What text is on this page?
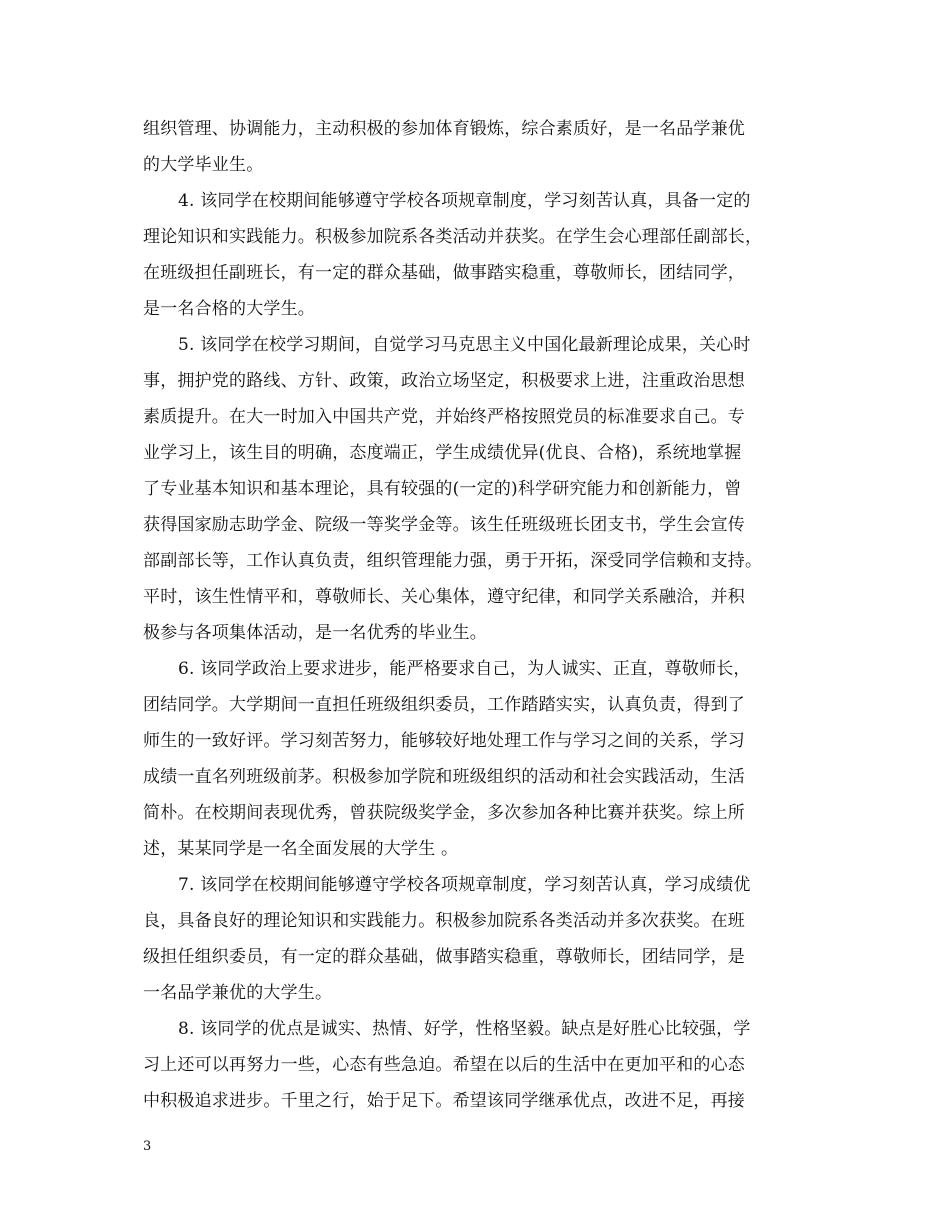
组织管理、协调能力，主动积极的参加体育锻炼，综合素质好，是一名品学兼优
的大学毕业生。
4. 该同学在校期间能够遵守学校各项规章制度，学习刻苦认真，具备一定的
理论知识和实践能力。积极参加院系各类活动并获奖。在学生会心理部任副部长，
在班级担任副班长，有一定的群众基础，做事踏实稳重，尊敬师长，团结同学，
是一名合格的大学生。
5. 该同学在校学习期间，自觉学习马克思主义中国化最新理论成果，关心时
事，拥护党的路线、方针、政策，政治立场坚定，积极要求上进，注重政治思想
素质提升。在大一时加入中国共产党，并始终严格按照党员的标准要求自己。专
业学习上，该生目的明确，态度端正，学生成绩优异(优良、合格)，系统地掌握
了专业基本知识和基本理论，具有较强的(一定的)科学研究能力和创新能力，曾
获得国家励志助学金、院级一等奖学金等。该生任班级班长团支书，学生会宣传
部副部长等，工作认真负责，组织管理能力强，勇于开拓，深受同学信赖和支持。
平时，该生性情平和，尊敬师长、关心集体，遵守纪律，和同学关系融洽，并积
极参与各项集体活动，是一名优秀的毕业生。
6. 该同学政治上要求进步，能严格要求自己，为人诚实、正直，尊敬师长，
团结同学。大学期间一直担任班级组织委员，工作踏踏实实，认真负责，得到了
师生的一致好评。学习刻苦努力，能够较好地处理工作与学习之间的关系，学习
成绩一直名列班级前茅。积极参加学院和班级组织的活动和社会实践活动，生活
简朴。在校期间表现优秀，曾获院级奖学金，多次参加各种比赛并获奖。综上所
述，某某同学是一名全面发展的大学生 。
7. 该同学在校期间能够遵守学校各项规章制度，学习刻苦认真，学习成绩优
良，具备良好的理论知识和实践能力。积极参加院系各类活动并多次获奖。在班
级担任组织委员，有一定的群众基础，做事踏实稳重，尊敬师长，团结同学，是
一名品学兼优的大学生。
8. 该同学的优点是诚实、热情、好学，性格坚毅。缺点是好胜心比较强，学
习上还可以再努力一些，心态有些急迫。希望在以后的生活中在更加平和的心态
中积极追求进步。千里之行，始于足下。希望该同学继承优点，改进不足，再接
3
